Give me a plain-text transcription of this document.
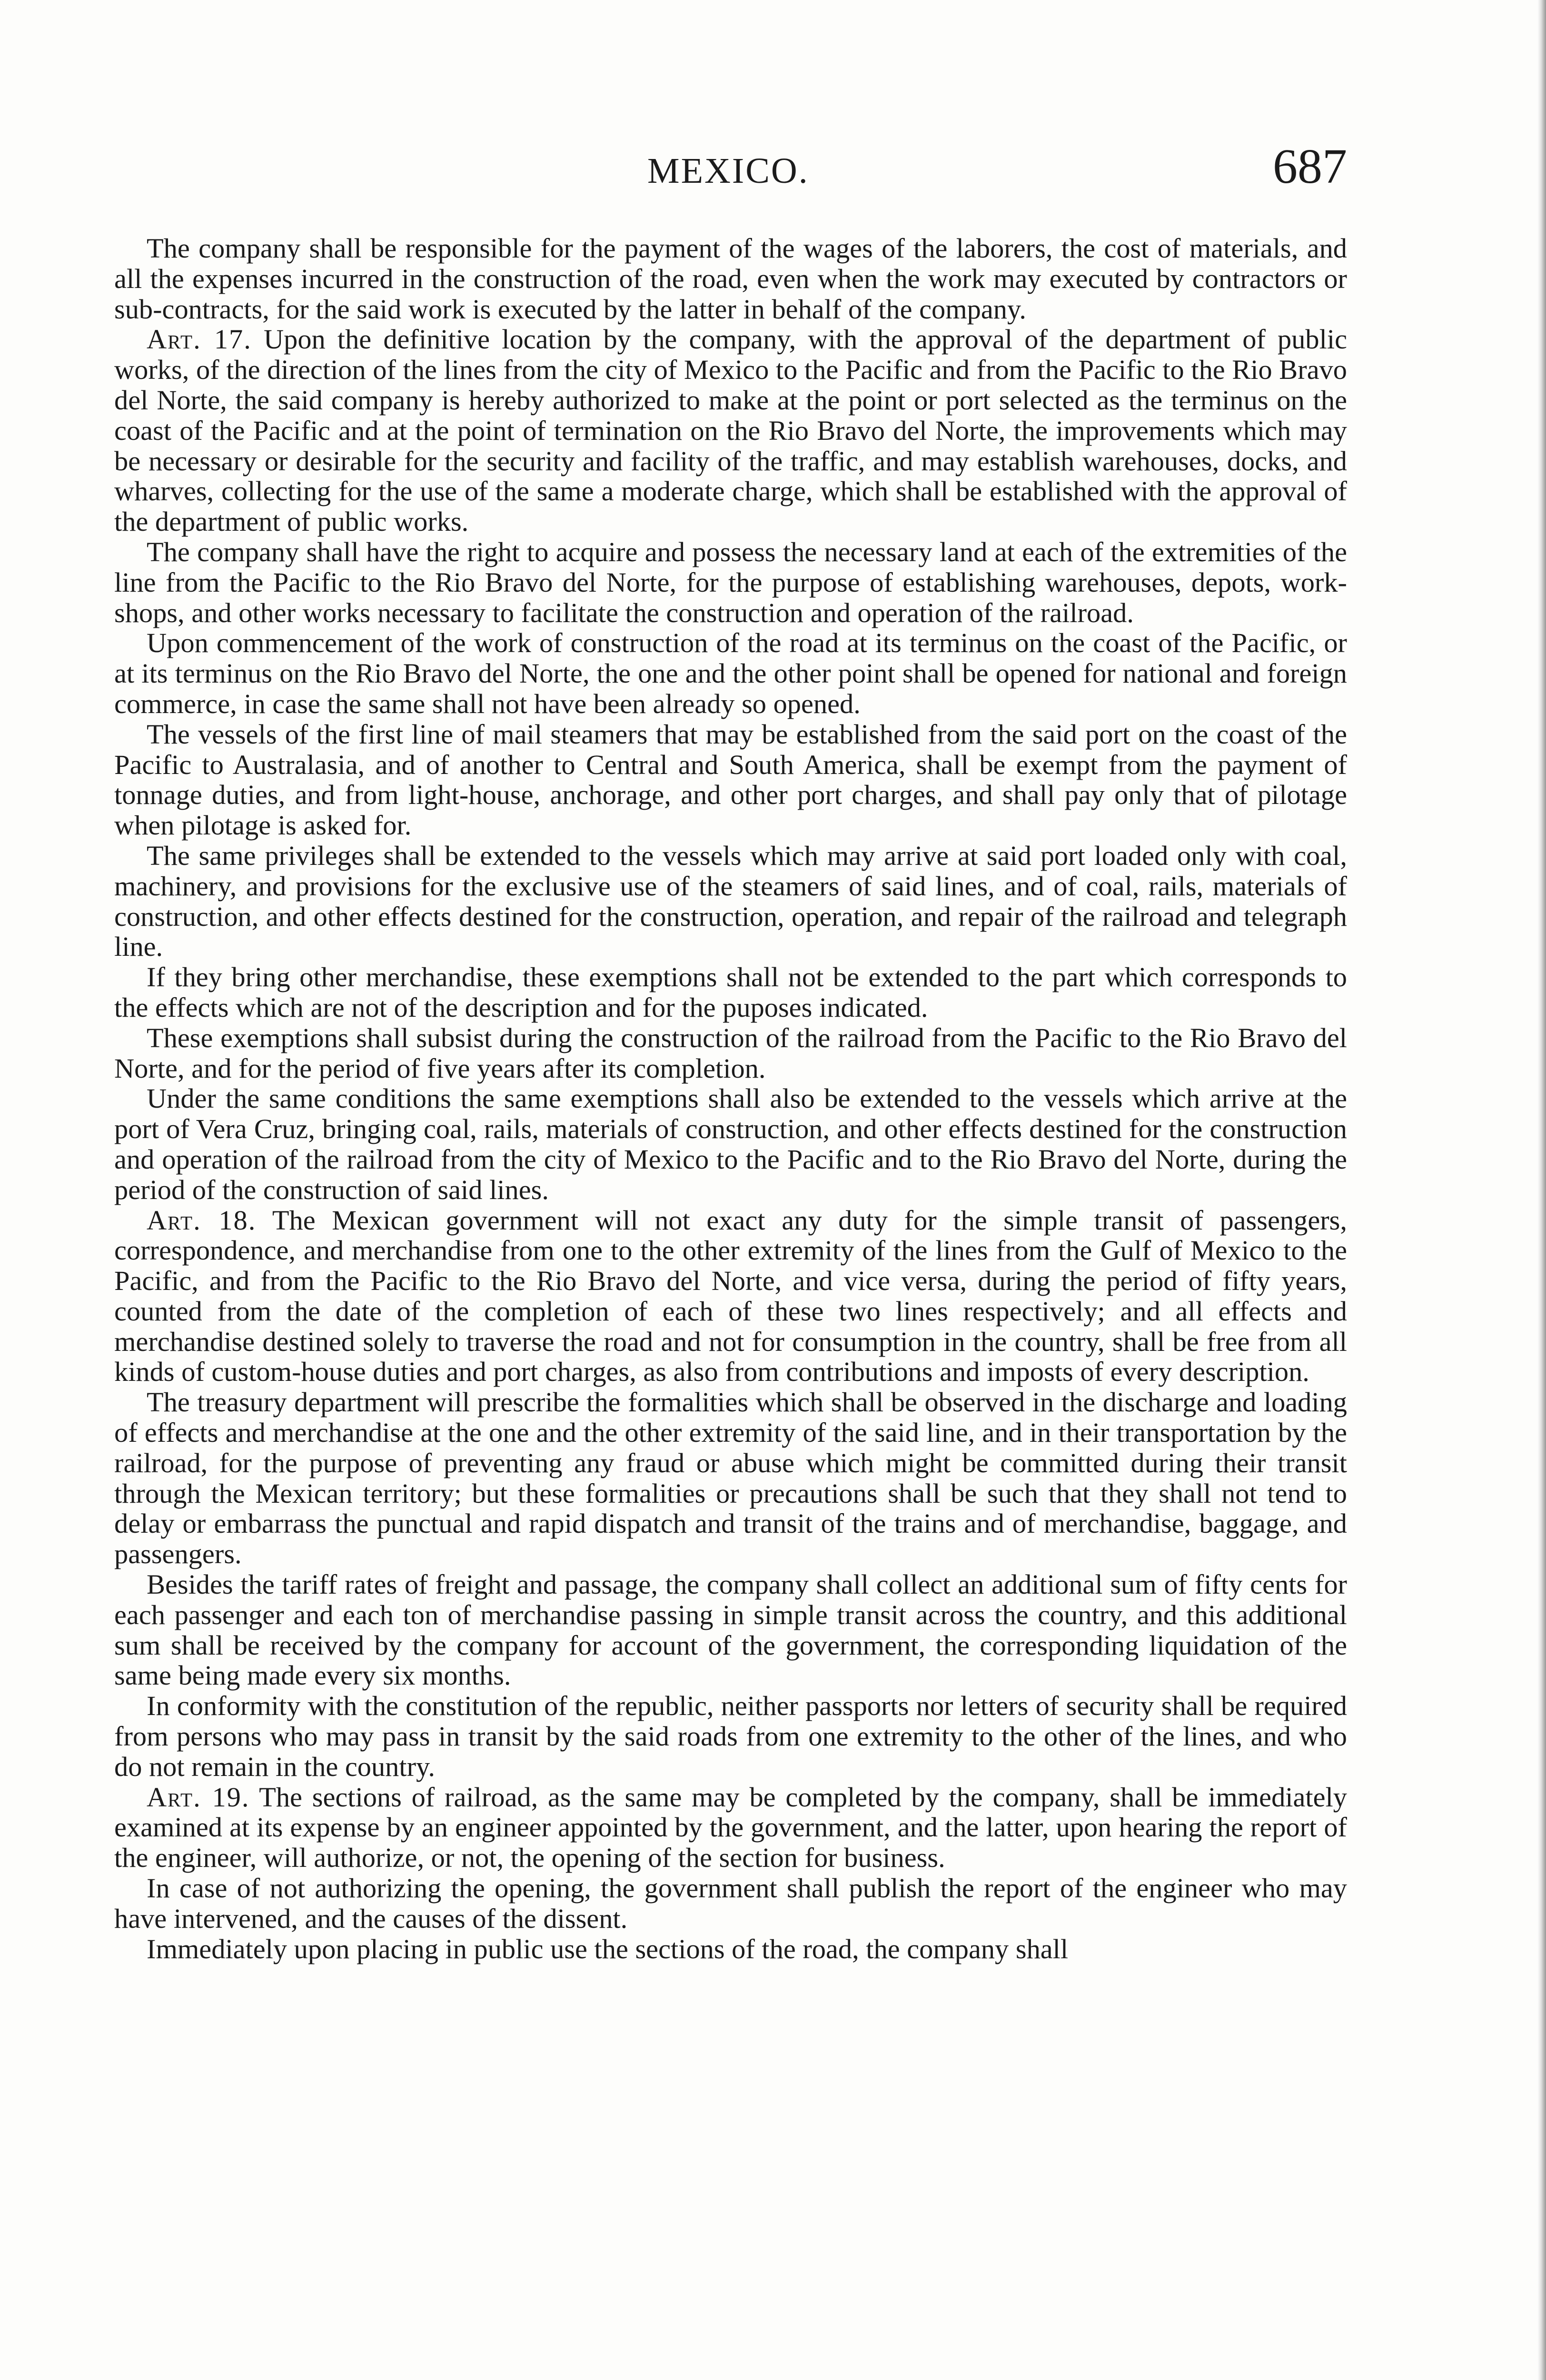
MEXICO.	687

The company shall be responsible for the payment of the wages of the laborers, the cost of materials, and all the expenses incurred in the construction of the road, even when the work may executed by contractors or sub-contracts, for the said work is executed by the latter in behalf of the company.

Art. 17. Upon the definitive location by the company, with the approval of the department of public works, of the direction of the lines from the city of Mexico to the Pacific and from the Pacific to the Rio Bravo del Norte, the said company is hereby authorized to make at the point or port selected as the terminus on the coast of the Pacific and at the point of termination on the Rio Bravo del Norte, the improvements which may be necessary or desirable for the security and facility of the traffic, and may establish warehouses, docks, and wharves, collecting for the use of the same a moderate charge, which shall be established with the approval of the department of public works.

The company shall have the right to acquire and possess the necessary land at each of the extremities of the line from the Pacific to the Rio Bravo del Norte, for the purpose of establishing warehouses, depots, work-shops, and other works necessary to facilitate the construction and operation of the railroad.

Upon commencement of the work of construction of the road at its terminus on the coast of the Pacific, or at its terminus on the Rio Bravo del Norte, the one and the other point shall be opened for national and foreign commerce, in case the same shall not have been already so opened.

The vessels of the first line of mail steamers that may be established from the said port on the coast of the Pacific to Australasia, and of another to Central and South America, shall be exempt from the payment of tonnage duties, and from light-house, anchorage, and other port charges, and shall pay only that of pilotage when pilotage is asked for.

The same privileges shall be extended to the vessels which may arrive at said port loaded only with coal, machinery, and provisions for the exclusive use of the steamers of said lines, and of coal, rails, materials of construction, and other effects destined for the construction, operation, and repair of the railroad and telegraph line.

If they bring other merchandise, these exemptions shall not be extended to the part which corresponds to the effects which are not of the description and for the puposes indicated.

These exemptions shall subsist during the construction of the railroad from the Pacific to the Rio Bravo del Norte, and for the period of five years after its completion.

Under the same conditions the same exemptions shall also be extended to the vessels which arrive at the port of Vera Cruz, bringing coal, rails, materials of construction, and other effects destined for the construction and operation of the railroad from the city of Mexico to the Pacific and to the Rio Bravo del Norte, during the period of the construction of said lines.

Art. 18. The Mexican government will not exact any duty for the simple transit of passengers, correspondence, and merchandise from one to the other extremity of the lines from the Gulf of Mexico to the Pacific, and from the Pacific to the Rio Bravo del Norte, and vice versa, during the period of fifty years, counted from the date of the completion of each of these two lines respectively; and all effects and merchandise destined solely to traverse the road and not for consumption in the country, shall be free from all kinds of custom-house duties and port charges, as also from contributions and imposts of every description.

The treasury department will prescribe the formalities which shall be observed in the discharge and loading of effects and merchandise at the one and the other extremity of the said line, and in their transportation by the railroad, for the purpose of preventing any fraud or abuse which might be committed during their transit through the Mexican territory; but these formalities or precautions shall be such that they shall not tend to delay or embarrass the punctual and rapid dispatch and transit of the trains and of merchandise, baggage, and passengers.

Besides the tariff rates of freight and passage, the company shall collect an additional sum of fifty cents for each passenger and each ton of merchandise passing in simple transit across the country, and this additional sum shall be received by the company for account of the government, the corresponding liquidation of the same being made every six months.

In conformity with the constitution of the republic, neither passports nor letters of security shall be required from persons who may pass in transit by the said roads from one extremity to the other of the lines, and who do not remain in the country.

Art. 19. The sections of railroad, as the same may be completed by the company, shall be immediately examined at its expense by an engineer appointed by the government, and the latter, upon hearing the report of the engineer, will authorize, or not, the opening of the section for business.

In case of not authorizing the opening, the government shall publish the report of the engineer who may have intervened, and the causes of the dissent.

Immediately upon placing in public use the sections of the road, the company shall
